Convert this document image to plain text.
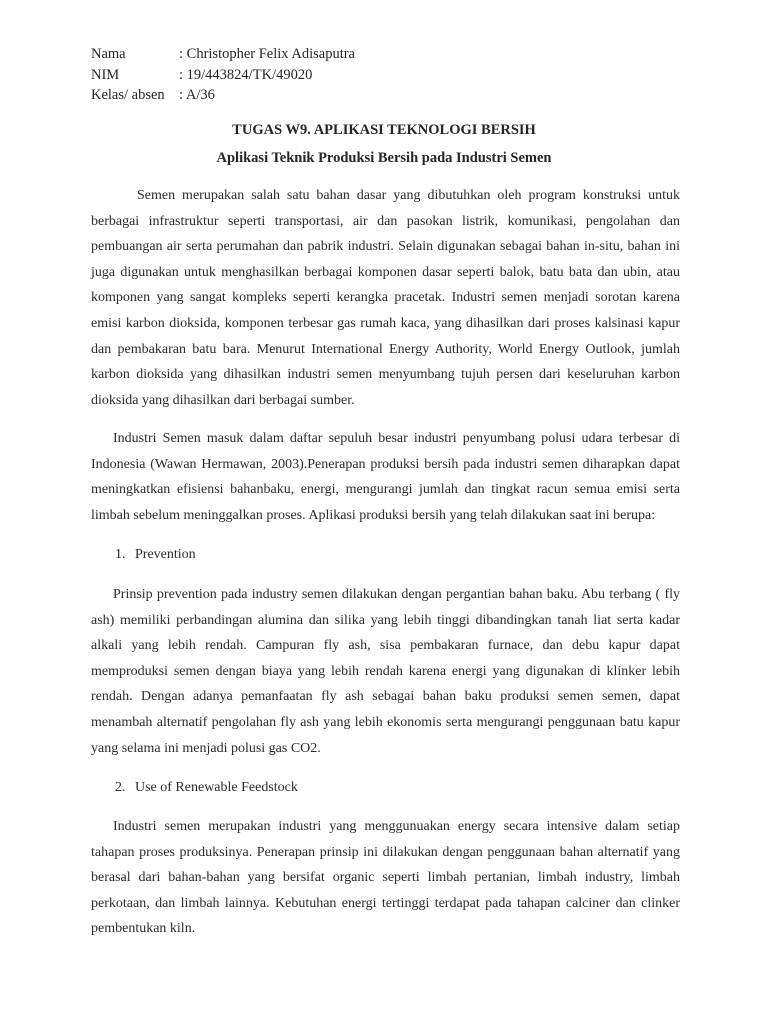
Nama	: Christopher Felix Adisaputra
NIM	: 19/443824/TK/49020
Kelas/ absen : A/36
TUGAS W9. APLIKASI TEKNOLOGI BERSIH
Aplikasi Teknik Produksi Bersih pada Industri Semen

Semen merupakan salah satu bahan dasar yang dibutuhkan oleh program konstruksi untuk berbagai infrastruktur seperti transportasi, air dan pasokan listrik, komunikasi, pengolahan dan pembuangan air serta perumahan dan pabrik industri. Selain digunakan sebagai bahan in-situ, bahan ini juga digunakan untuk menghasilkan berbagai komponen dasar seperti balok, batu bata dan ubin, atau komponen yang sangat kompleks seperti kerangka pracetak. Industri semen menjadi sorotan karena emisi karbon dioksida, komponen terbesar gas rumah kaca, yang dihasilkan dari proses kalsinasi kapur dan pembakaran batu bara. Menurut International Energy Authority, World Energy Outlook, jumlah karbon dioksida yang dihasilkan industri semen menyumbang tujuh persen dari keseluruhan karbon dioksida yang dihasilkan dari berbagai sumber.

Industri Semen masuk dalam daftar sepuluh besar industri penyumbang polusi udara terbesar di Indonesia (Wawan Hermawan, 2003).Penerapan produksi bersih pada industri semen diharapkan dapat meningkatkan efisiensi bahanbaku, energi, mengurangi jumlah dan tingkat racun semua emisi serta limbah sebelum meninggalkan proses. Aplikasi produksi bersih yang telah dilakukan saat ini berupa:

1. Prevention

Prinsip prevention pada industry semen dilakukan dengan pergantian bahan baku. Abu terbang ( fly ash) memiliki perbandingan alumina dan silika yang lebih tinggi dibandingkan tanah liat serta kadar alkali yang lebih rendah. Campuran fly ash, sisa pembakaran furnace, dan debu kapur dapat memproduksi semen dengan biaya yang lebih rendah karena energi yang digunakan di klinker lebih rendah. Dengan adanya pemanfaatan fly ash sebagai bahan baku produksi semen semen, dapat menambah alternatif pengolahan fly ash yang lebih ekonomis serta mengurangi penggunaan batu kapur yang selama ini menjadi polusi gas CO2.

2. Use of Renewable Feedstock

Industri semen merupakan industri yang menggunuakan energy secara intensive dalam setiap tahapan proses produksinya. Penerapan prinsip ini dilakukan dengan penggunaan bahan alternatif yang berasal dari bahan-bahan yang bersifat organic seperti limbah pertanian, limbah industry, limbah perkotaan, dan limbah lainnya. Kebutuhan energi tertinggi terdapat pada tahapan calciner dan clinker pembentukan kiln.
